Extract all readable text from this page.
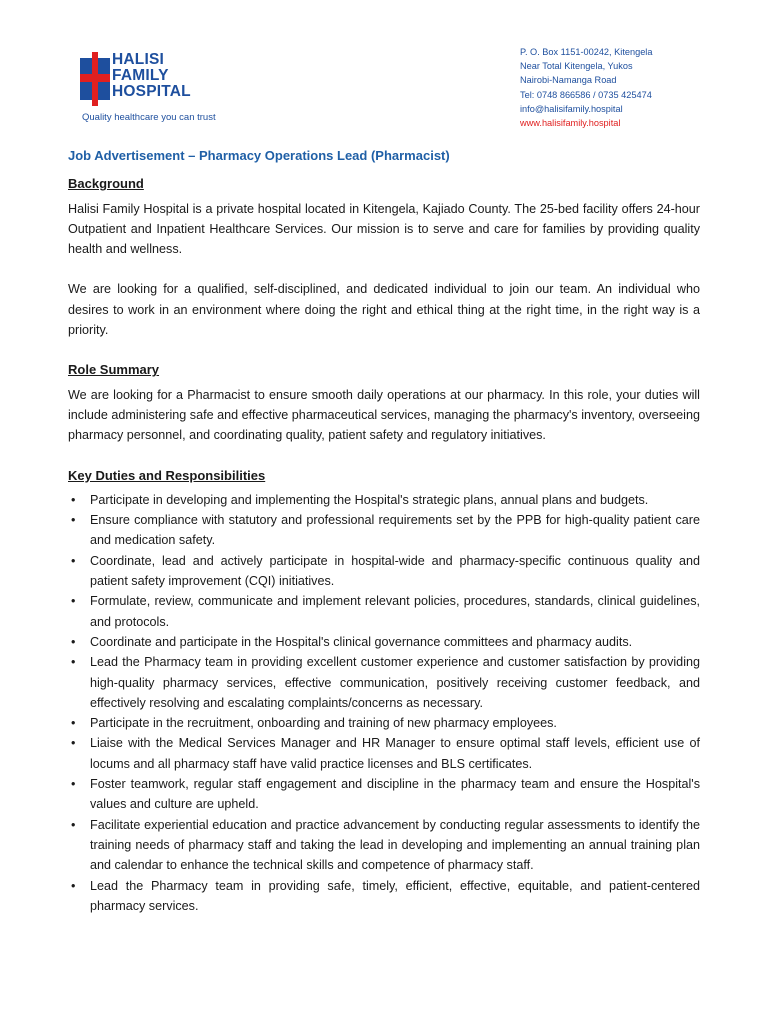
HALISI
FAMILY
HOSPITAL
Quality healthcare you can trust
P. O. Box 1151-00242, Kitengela
Near Total Kitengela, Yukos
Nairobi-Namanga Road
Tel: 0748 866586 / 0735 425474
info@halisifamily.hospital
www.halisifamily.hospital
Job Advertisement – Pharmacy Operations Lead (Pharmacist)
Background

Halisi Family Hospital is a private hospital located in Kitengela, Kajiado County. The 25-bed facility offers 24-hour Outpatient and Inpatient Healthcare Services. Our mission is to serve and care for families by providing quality health and wellness.

We are looking for a qualified, self-disciplined, and dedicated individual to join our team. An individual who desires to work in an environment where doing the right and ethical thing at the right time, in the right way is a priority.

Role Summary

We are looking for a Pharmacist to ensure smooth daily operations at our pharmacy. In this role, your duties will include administering safe and effective pharmaceutical services, managing the pharmacy's inventory, overseeing pharmacy personnel, and coordinating quality, patient safety and regulatory initiatives.

Key Duties and Responsibilities
• Participate in developing and implementing the Hospital's strategic plans, annual plans and budgets.
• Ensure compliance with statutory and professional requirements set by the PPB for high-quality patient care and medication safety.
• Coordinate, lead and actively participate in hospital-wide and pharmacy-specific continuous quality and patient safety improvement (CQI) initiatives.
• Formulate, review, communicate and implement relevant policies, procedures, standards, clinical guidelines, and protocols.
• Coordinate and participate in the Hospital's clinical governance committees and pharmacy audits.
• Lead the Pharmacy team in providing excellent customer experience and customer satisfaction by providing high-quality pharmacy services, effective communication, positively receiving customer feedback, and effectively resolving and escalating complaints/concerns as necessary.
• Participate in the recruitment, onboarding and training of new pharmacy employees.
• Liaise with the Medical Services Manager and HR Manager to ensure optimal staff levels, efficient use of locums and all pharmacy staff have valid practice licenses and BLS certificates.
• Foster teamwork, regular staff engagement and discipline in the pharmacy team and ensure the Hospital's values and culture are upheld.
• Facilitate experiential education and practice advancement by conducting regular assessments to identify the training needs of pharmacy staff and taking the lead in developing and implementing an annual training plan and calendar to enhance the technical skills and competence of pharmacy staff.
• Lead the Pharmacy team in providing safe, timely, efficient, effective, equitable, and patient-centered pharmacy services.
